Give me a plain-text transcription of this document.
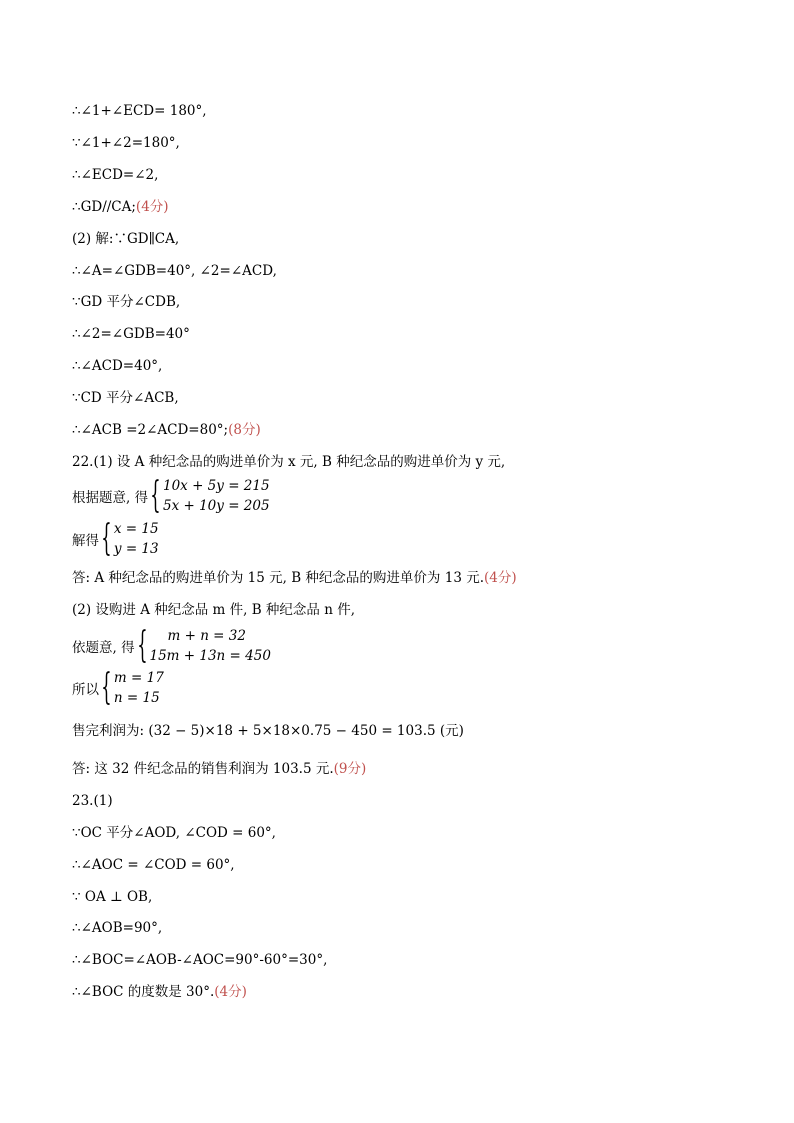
∴∠1+∠ECD= 180°,
∵∠1+∠2=180°,
∴∠ECD=∠2,
∴GD//CA;(4分)
(2) 解:∵GD∥CA,
∴∠A=∠GDB=40°, ∠2=∠ACD,
∵GD 平分∠CDB,
∴∠2=∠GDB=40°
∴∠ACD=40°,
∵CD 平分∠ACB,
∴∠ACB =2∠ACD=80°;(8分)
22.(1) 设 A 种纪念品的购进单价为 x 元, B 种纪念品的购进单价为 y 元,
根据题意, 得{ 10x + 5y = 215
5x + 10y = 205
解得{ x = 15
y = 13
答: A 种纪念品的购进单价为 15 元, B 种纪念品的购进单价为 13 元.(4分)
(2) 设购进 A 种纪念品 m 件, B 种纪念品 n 件,
依题意, 得{	m + n = 32
15m + 13n = 450
所以{ m = 17
n = 15
售完利润为: (32 − 5)×18 + 5×18×0.75 − 450 = 103.5 (元)
答: 这 32 件纪念品的销售利润为 103.5 元.(9分)
23.(1)
∵OC 平分∠AOD, ∠COD = 60°,
∴∠AOC = ∠COD = 60°,
∵ OA ⊥ OB,
∴∠AOB=90°,
∴∠BOC=∠AOB-∠AOC=90°-60°=30°,
∴∠BOC 的度数是 30°.(4分)
